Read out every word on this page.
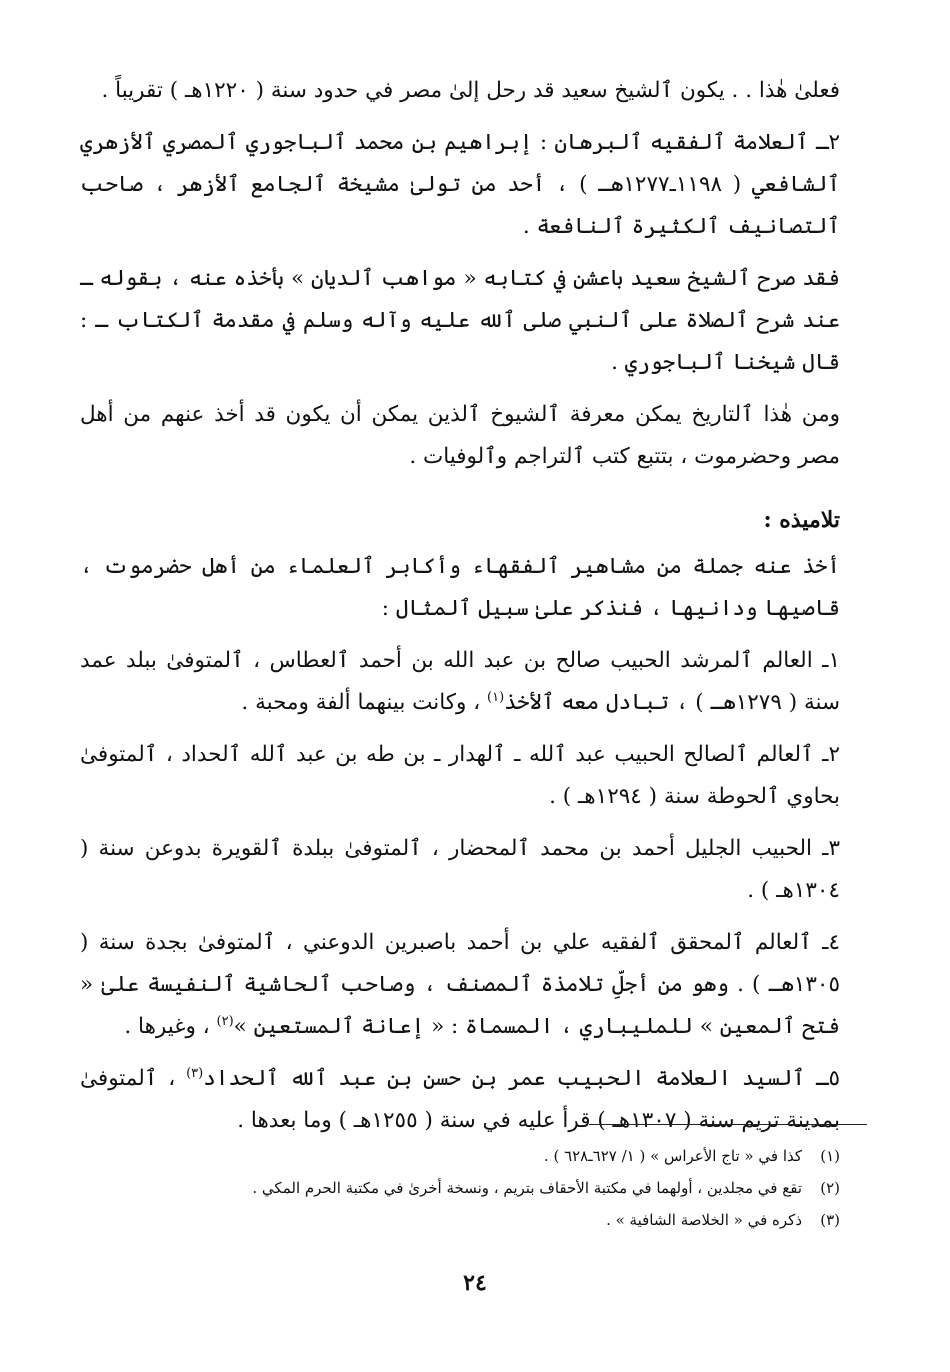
فعلىٰ هٰذا . . يكون ٱلشيخ سعيد قد رحل إلىٰ مصر في حدود سنة ( ١٢٢٠هـ ) تقريباً .

٢ـ ٱلعلامة ٱلفقيه ٱلبرهان : إبراهيم بن محمد ٱلباجوري ٱلمصري ٱلأزهري ٱلشافعي ( ١١٩٨ـ١٢٧٧هـ ) ، أحد من تولىٰ مشيخة ٱلجامع ٱلأزهر ، صاحب ٱلتصانيف ٱلكثيرة ٱلنافعة .

فقد صرح ٱلشيخ سعيد باعشن في كتابه « مواهب ٱلديان » بأخذه عنه ، بقوله ـ عند شرح ٱلصلاة على ٱلنبي صلى ٱلله عليه وآله وسلم في مقدمة ٱلكتاب ـ : قال شيخنا ٱلباجوري .

ومن هٰذا ٱلتاريخ يمكن معرفة ٱلشيوخ ٱلذين يمكن أن يكون قد أخذ عنهم من أهل مصر وحضرموت ، بتتبع كتب ٱلتراجم وٱلوفيات .

تلاميذه :

أخذ عنه جملة من مشاهير ٱلفقهاء وأكابر ٱلعلماء من أهل حضرموت ، قاصيها ودانيها ، فنذكر علىٰ سبيل ٱلمثال :

١ـ العالم ٱلمرشد الحبيب صالح بن عبد الله بن أحمد ٱلعطاس ، ٱلمتوفىٰ ببلد عمد سنة ( ١٢٧٩هـ ) ، تبادل معه ٱلأخذ$^{(١)}$ ، وكانت بينهما ألفة ومحبة .

٢ـ ٱلعالم ٱلصالح الحبيب عبد ٱلله ـ ٱلهدار ـ بن طه بن عبد ٱلله ٱلحداد ، ٱلمتوفىٰ بحاوي ٱلحوطة سنة ( ١٢٩٤هـ ) .

٣ـ الحبيب الجليل أحمد بن محمد ٱلمحضار ، ٱلمتوفىٰ ببلدة ٱلقويرة بدوعن سنة ( ١٣٠٤هـ ) .

٤ـ ٱلعالم ٱلمحقق ٱلفقيه علي بن أحمد باصبرين الدوعني ، ٱلمتوفىٰ بجدة سنة ( ١٣٠٥هـ ) . وهو من أجلِّ تلامذة ٱلمصنف ، وصاحب ٱلحاشية ٱلنفيسة علىٰ « فتح ٱلمعين » للمليباري ، المسماة : « إعانة ٱلمستعين »$^{(٢)}$ ، وغيرها .

٥ـ ٱلسيد العلامة الحبيب عمر بن حسن بن عبد ٱلله ٱلحداد$^{(٣)}$ ، ٱلمتوفىٰ بمدينة تريم سنة ( ١٣٠٧هـ ) قرأ عليه في سنة ( ١٢٥٥هـ ) وما بعدها .

(١)كذا في « تاج الأعراس » ( ١/ ٦٢٧ـ٦٢٨ ) .
(٢)تقع في مجلدين ، أولهما في مكتبة الأحقاف بتريم ، ونسخة أخرىٰ في مكتبة الحرم المكي .
(٣)ذكره في « الخلاصة الشافية » .
٢٤
